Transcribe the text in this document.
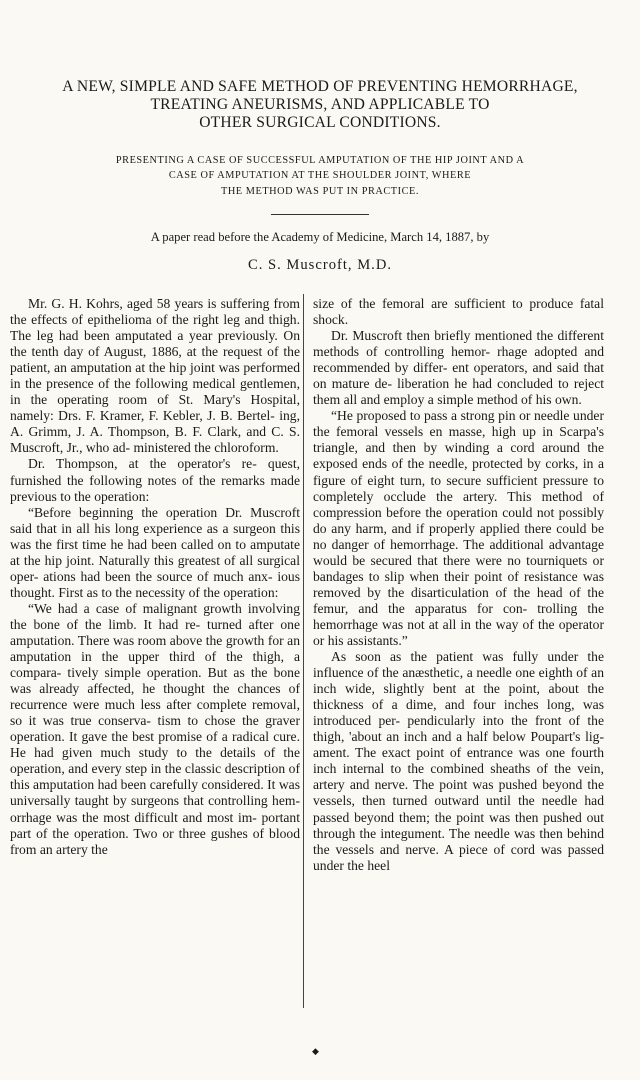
A NEW, SIMPLE AND SAFE METHOD OF PREVENTING HEMORRHAGE,
TREATING ANEURISMS, AND APPLICABLE TO
OTHER SURGICAL CONDITIONS.
PRESENTING A CASE OF SUCCESSFUL AMPUTATION OF THE HIP JOINT AND A
CASE OF AMPUTATION AT THE SHOULDER JOINT, WHERE
THE METHOD WAS PUT IN PRACTICE.
A paper read before the Academy of Medicine, March 14, 1887, by
C. S. Muscroft, M.D.

Mr. G. H. Kohrs, aged 58 years is suffering from the effects of epithelioma of the right leg and thigh. The leg had been amputated a year previously. On the tenth day of August, 1886, at the request of the patient, an amputation at the hip joint was performed in the presence of the following medical gentlemen, in the operating room of St. Mary's Hospital, namely: Drs. F. Kramer, F. Kebler, J. B. Bertel- ing, A. Grimm, J. A. Thompson, B. F. Clark, and C. S. Muscroft, Jr., who ad- ministered the chloroform.

Dr. Thompson, at the operator's re- quest, furnished the following notes of the remarks made previous to the operation:

“Before beginning the operation Dr. Muscroft said that in all his long experience as a surgeon this was the first time he had been called on to amputate at the hip joint. Naturally this greatest of all surgical oper- ations had been the source of much anx- ious thought. First as to the necessity of the operation:

“We had a case of malignant growth involving the bone of the limb. It had re- turned after one amputation. There was room above the growth for an amputation in the upper third of the thigh, a compara- tively simple operation. But as the bone was already affected, he thought the chances of recurrence were much less after complete removal, so it was true conserva- tism to chose the graver operation. It gave the best promise of a radical cure. He had given much study to the details of the operation, and every step in the classic description of this amputation had been carefully considered. It was universally taught by surgeons that controlling hem- orrhage was the most difficult and most im- portant part of the operation. Two or three gushes of blood from an artery the

size of the femoral are sufficient to produce fatal shock.

Dr. Muscroft then briefly mentioned the different methods of controlling hemor- rhage adopted and recommended by differ- ent operators, and said that on mature de- liberation he had concluded to reject them all and employ a simple method of his own.

“He proposed to pass a strong pin or needle under the femoral vessels en masse, high up in Scarpa's triangle, and then by winding a cord around the exposed ends of the needle, protected by corks, in a figure of eight turn, to secure sufficient pressure to completely occlude the artery. This method of compression before the operation could not possibly do any harm, and if properly applied there could be no danger of hemorrhage. The additional advantage would be secured that there were no tourniquets or bandages to slip when their point of resistance was removed by the disarticulation of the head of the femur, and the apparatus for con- trolling the hemorrhage was not at all in the way of the operator or his assistants.”

As soon as the patient was fully under the influence of the anæsthetic, a needle one eighth of an inch wide, slightly bent at the point, about the thickness of a dime, and four inches long, was introduced per- pendicularly into the front of the thigh, 'about an inch and a half below Poupart's lig- ament. The exact point of entrance was one fourth inch internal to the combined sheaths of the vein, artery and nerve. The point was pushed beyond the vessels, then turned outward until the needle had passed beyond them; the point was then pushed out through the integument. The needle was then behind the vessels and nerve. A piece of cord was passed under the heel

◆
